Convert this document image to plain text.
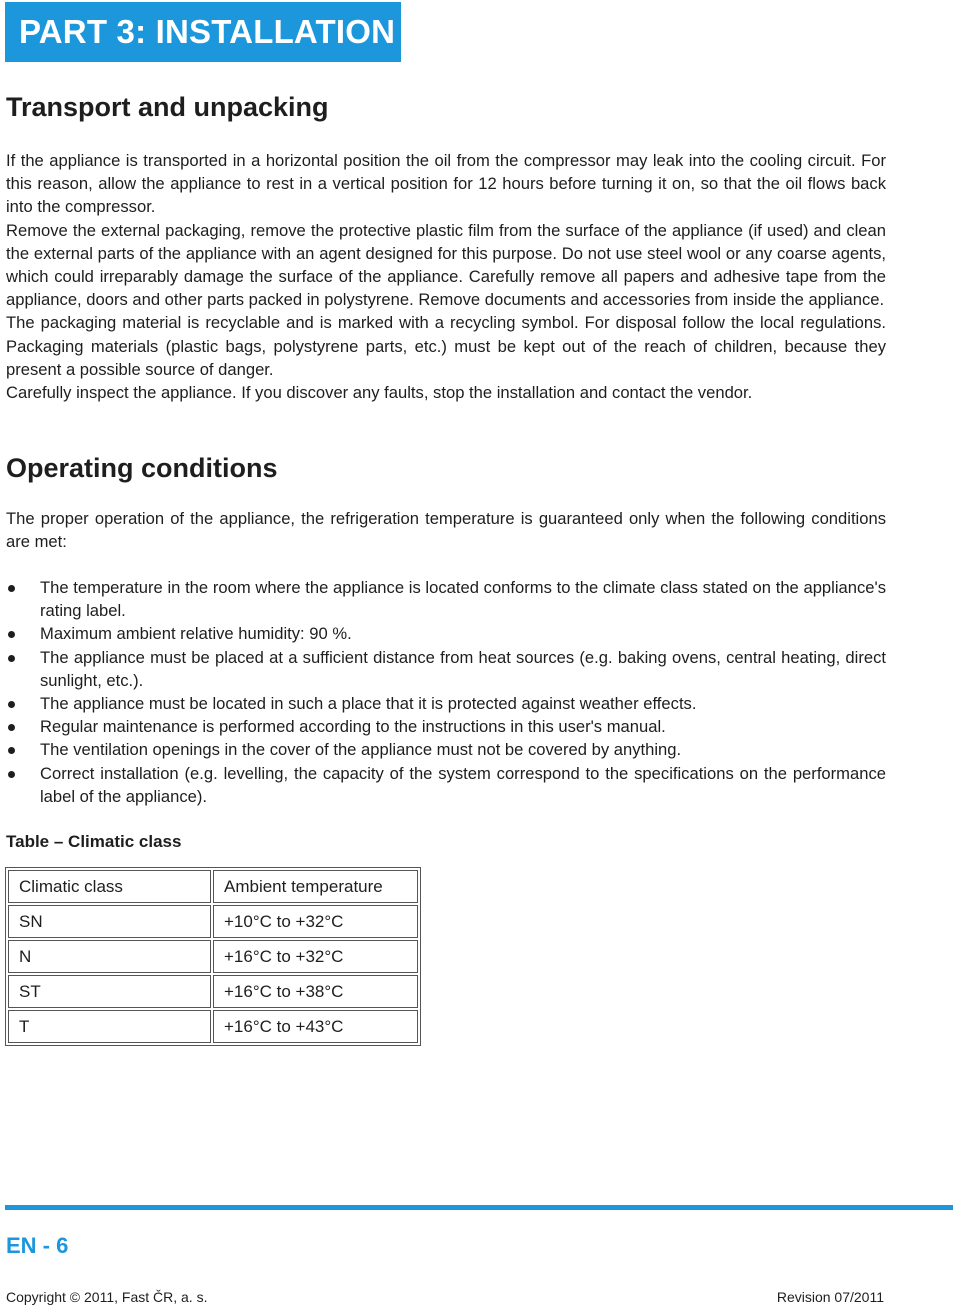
PART 3: INSTALLATION
Transport and unpacking

If the appliance is transported in a horizontal position the oil from the compressor may leak into the cooling circuit. For this reason, allow the appliance to rest in a vertical position for 12 hours before turning it on, so that the oil flows back into the compressor.

Remove the external packaging, remove the protective plastic film from the surface of the appliance (if used) and clean the external parts of the appliance with an agent designed for this purpose. Do not use steel wool or any coarse agents, which could irreparably damage the surface of the appliance. Carefully remove all papers and adhesive tape from the appliance, doors and other parts packed in polystyrene. Remove documents and accessories from inside the appliance.

The packaging material is recyclable and is marked with a recycling symbol. For disposal follow the local regulations. Packaging materials (plastic bags, polystyrene parts, etc.) must be kept out of the reach of children, because they present a possible source of danger.

Carefully inspect the appliance. If you discover any faults, stop the installation and contact the vendor.

Operating conditions

The proper operation of the appliance, the refrigeration temperature is guaranteed only when the following conditions are met:

The temperature in the room where the appliance is located conforms to the climate class stated on the appliance's rating label.
Maximum ambient relative humidity: 90 %.
The appliance must be placed at a sufficient distance from heat sources (e.g. baking ovens, central heating, direct sunlight, etc.).
The appliance must be located in such a place that it is protected against weather effects.
Regular maintenance is performed according to the instructions in this user's manual.
The ventilation openings in the cover of the appliance must not be covered by anything.
Correct installation (e.g. levelling, the capacity of the system correspond to the specifications on the performance label of the appliance).
Table – Climatic class
Climatic class	Ambient temperature
SN	+10°C to +32°C
N	+16°C to +32°C
ST	+16°C to +38°C
T	+16°C to +43°C
EN - 6
Copyright © 2011, Fast ČR, a. s.	Revision 07/2011
